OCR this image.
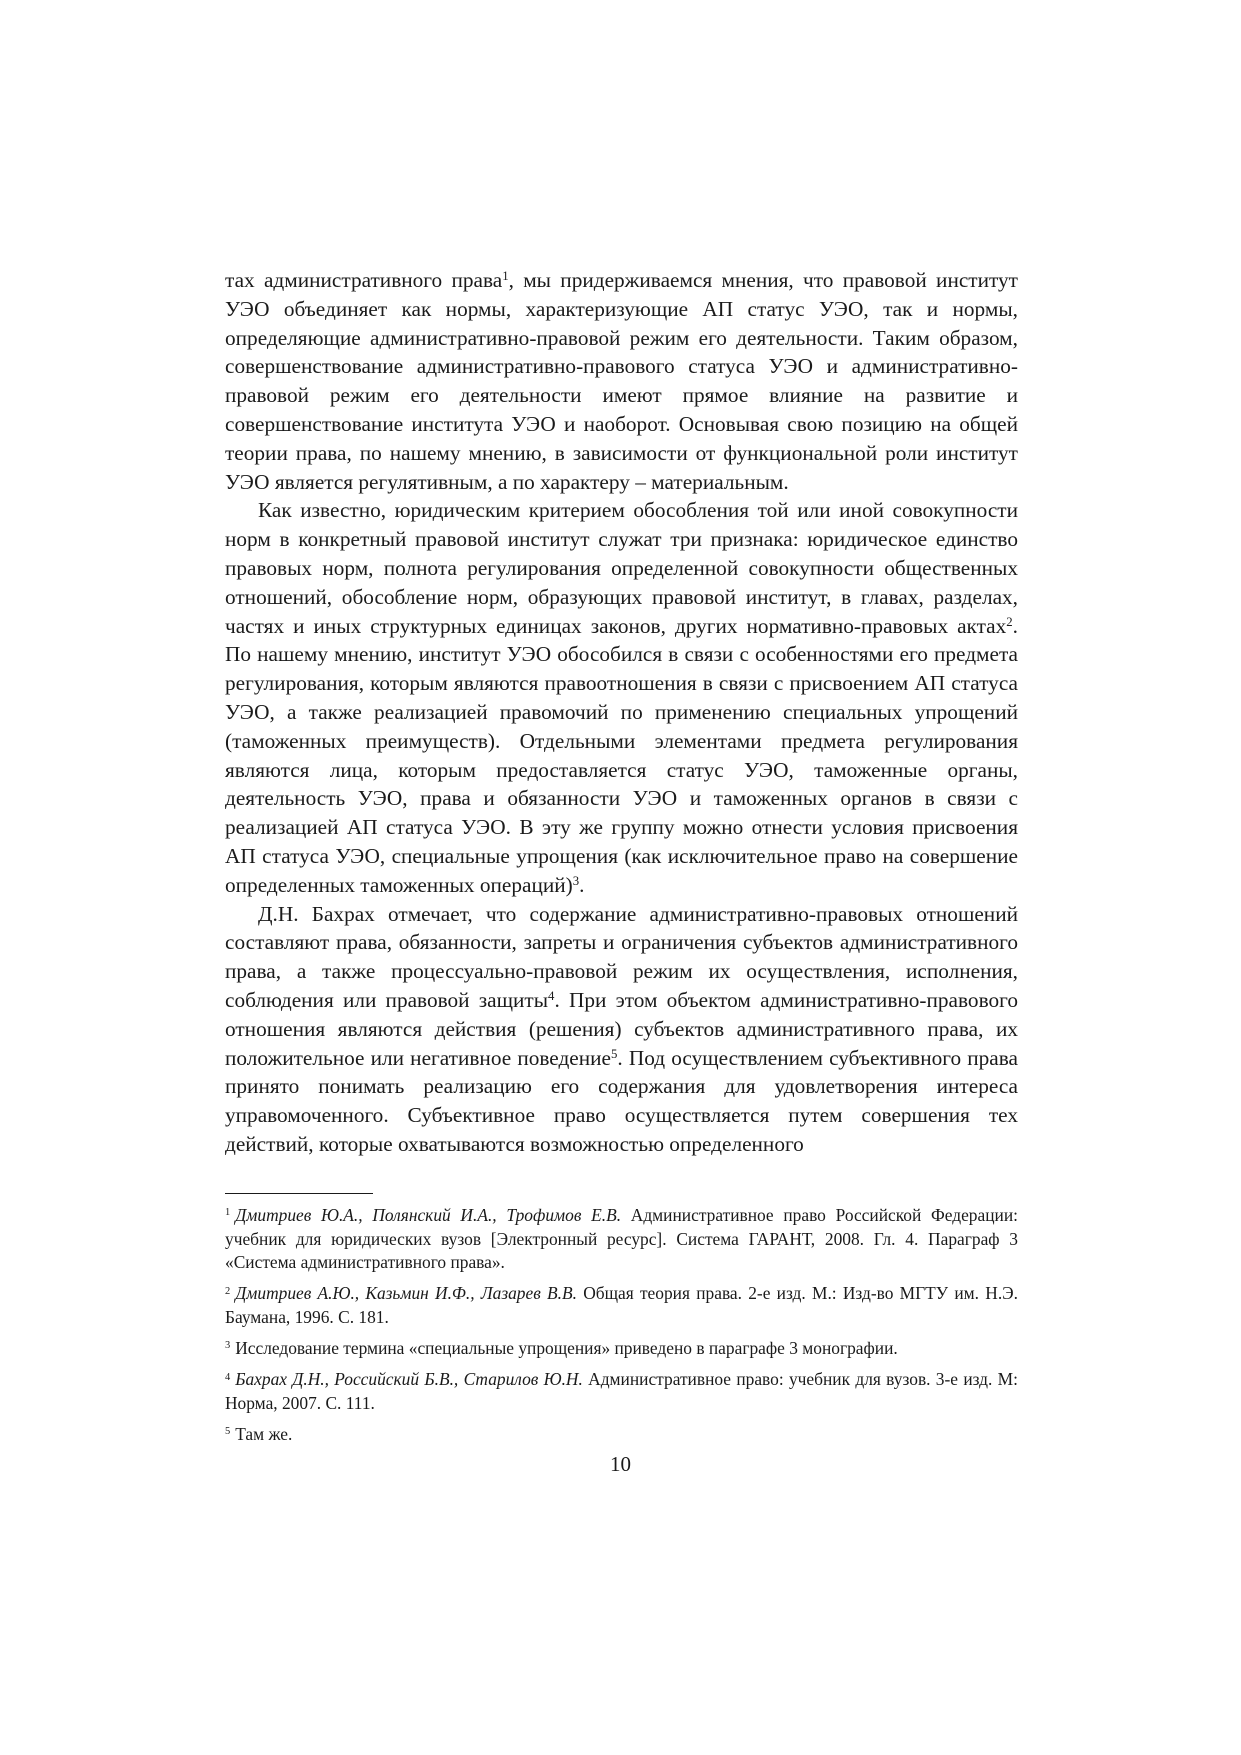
тах административного права$^1$, мы придерживаемся мнения, что правовой институт УЭО объединяет как нормы, характеризующие АП статус УЭО, так и нормы, определяющие административно-правовой режим его деятельности. Таким образом, совершенствование административно-правового статуса УЭО и административно-правовой режим его деятельности имеют прямое влияние на развитие и совершенствование института УЭО и наоборот. Основывая свою позицию на общей теории права, по нашему мнению, в зависимости от функциональной роли институт УЭО является регулятивным, а по характеру – материальным.

Как известно, юридическим критерием обособления той или иной совокупности норм в конкретный правовой институт служат три признака: юридическое единство правовых норм, полнота регулирования определенной совокупности общественных отношений, обособление норм, образующих правовой институт, в главах, разделах, частях и иных структурных единицах законов, других нормативно-правовых актах$^2$. По нашему мнению, институт УЭО обособился в связи с особенностями его предмета регулирования, которым являются правоотношения в связи с присвоением АП статуса УЭО, а также реализацией правомочий по применению специальных упрощений (таможенных преимуществ). Отдельными элементами предмета регулирования являются лица, которым предоставляется статус УЭО, таможенные органы, деятельность УЭО, права и обязанности УЭО и таможенных органов в связи с реализацией АП статуса УЭО. В эту же группу можно отнести условия присвоения АП статуса УЭО, специальные упрощения (как исключительное право на совершение определенных таможенных операций)$^3$.

Д.Н. Бахрах отмечает, что содержание административно-правовых отношений составляют права, обязанности, запреты и ограничения субъектов административного права, а также процессуально-правовой режим их осуществления, исполнения, соблюдения или правовой защиты$^4$. При этом объектом административно-правового отношения являются действия (решения) субъектов административного права, их положительное или негативное поведение$^5$. Под осуществлением субъективного права принято понимать реализацию его содержания для удовлетворения интереса управомоченного. Субъективное право осуществляется путем совершения тех действий, которые охватываются возможностью определенного

$^1$ Дмитриев Ю.А., Полянский И.А., Трофимов Е.В. Административное право Российской Федерации: учебник для юридических вузов [Электронный ресурс]. Система ГАРАНТ, 2008. Гл. 4. Параграф 3 «Система административного права».

$^2$ Дмитриев А.Ю., Казьмин И.Ф., Лазарев В.В. Общая теория права. 2-е изд. М.: Изд-во МГТУ им. Н.Э. Баумана, 1996. С. 181.

$^3$ Исследование термина «специальные упрощения» приведено в параграфе 3 монографии.

$^4$ Бахрах Д.Н., Российский Б.В., Старилов Ю.Н. Административное право: учебник для вузов. 3-е изд. М: Норма, 2007. С. 111.

$^5$ Там же.

10
